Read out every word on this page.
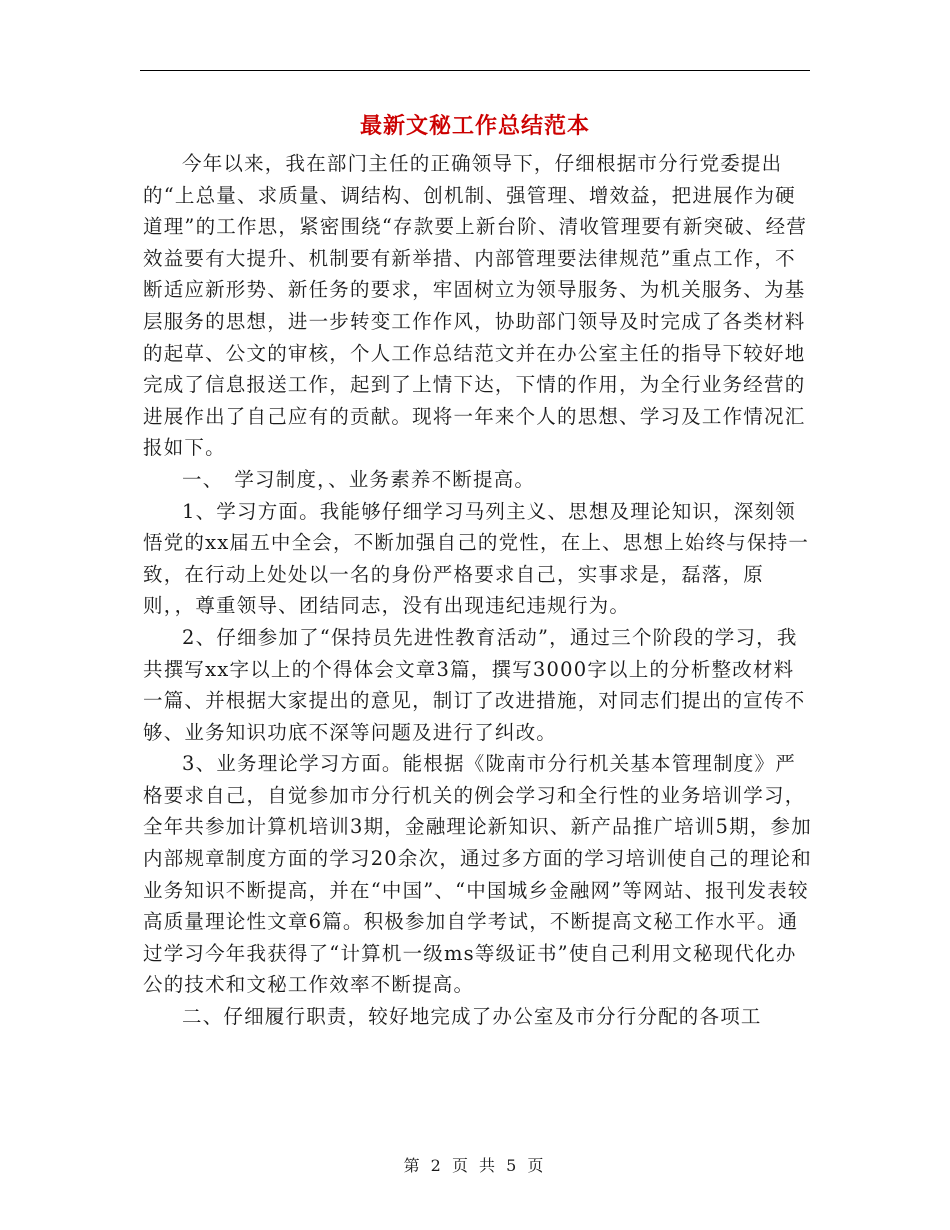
最新文秘工作总结范本

今年以来，我在部门主任的正确领导下，仔细根据市分行党委提出的“上总量、求质量、调结构、创机制、强管理、增效益，把进展作为硬道理”的工作思，紧密围绕“存款要上新台阶、清收管理要有新突破、经营效益要有大提升、机制要有新举措、内部管理要法律规范”重点工作，不断适应新形势、新任务的要求，牢固树立为领导服务、为机关服务、为基层服务的思想，进一步转变工作作风，协助部门领导及时完成了各类材料的起草、公文的审核，个人工作总结范文并在办公室主任的指导下较好地完成了信息报送工作，起到了上情下达，下情的作用，为全行业务经营的进展作出了自己应有的贡献。现将一年来个人的思想、学习及工作情况汇报如下。

一、　学习制度，、业务素养不断提高。

1、学习方面。我能够仔细学习马列主义、思想及理论知识，深刻领悟党的xx届五中全会，不断加强自己的党性，在上、思想上始终与保持一致，在行动上处处以一名的身份严格要求自己，实事求是，磊落，原则，，尊重领导、团结同志，没有出现违纪违规行为。

2、仔细参加了“保持员先进性教育活动”，通过三个阶段的学习，我共撰写xx字以上的个得体会文章3篇，撰写3000字以上的分析整改材料一篇、并根据大家提出的意见，制订了改进措施，对同志们提出的宣传不够、业务知识功底不深等问题及进行了纠改。

3、业务理论学习方面。能根据《陇南市分行机关基本管理制度》严格要求自己，自觉参加市分行机关的例会学习和全行性的业务培训学习，全年共参加计算机培训3期，金融理论新知识、新产品推广培训5期，参加内部规章制度方面的学习20余次，通过多方面的学习培训使自己的理论和业务知识不断提高，并在“中国”、“中国城乡金融网”等网站、报刊发表较高质量理论性文章6篇。积极参加自学考试，不断提高文秘工作水平。通过学习今年我获得了“计算机一级ms等级证书”使自己利用文秘现代化办公的技术和文秘工作效率不断提高。

二、仔细履行职责，较好地完成了办公室及市分行分配的各项工

第 2 页 共 5 页
